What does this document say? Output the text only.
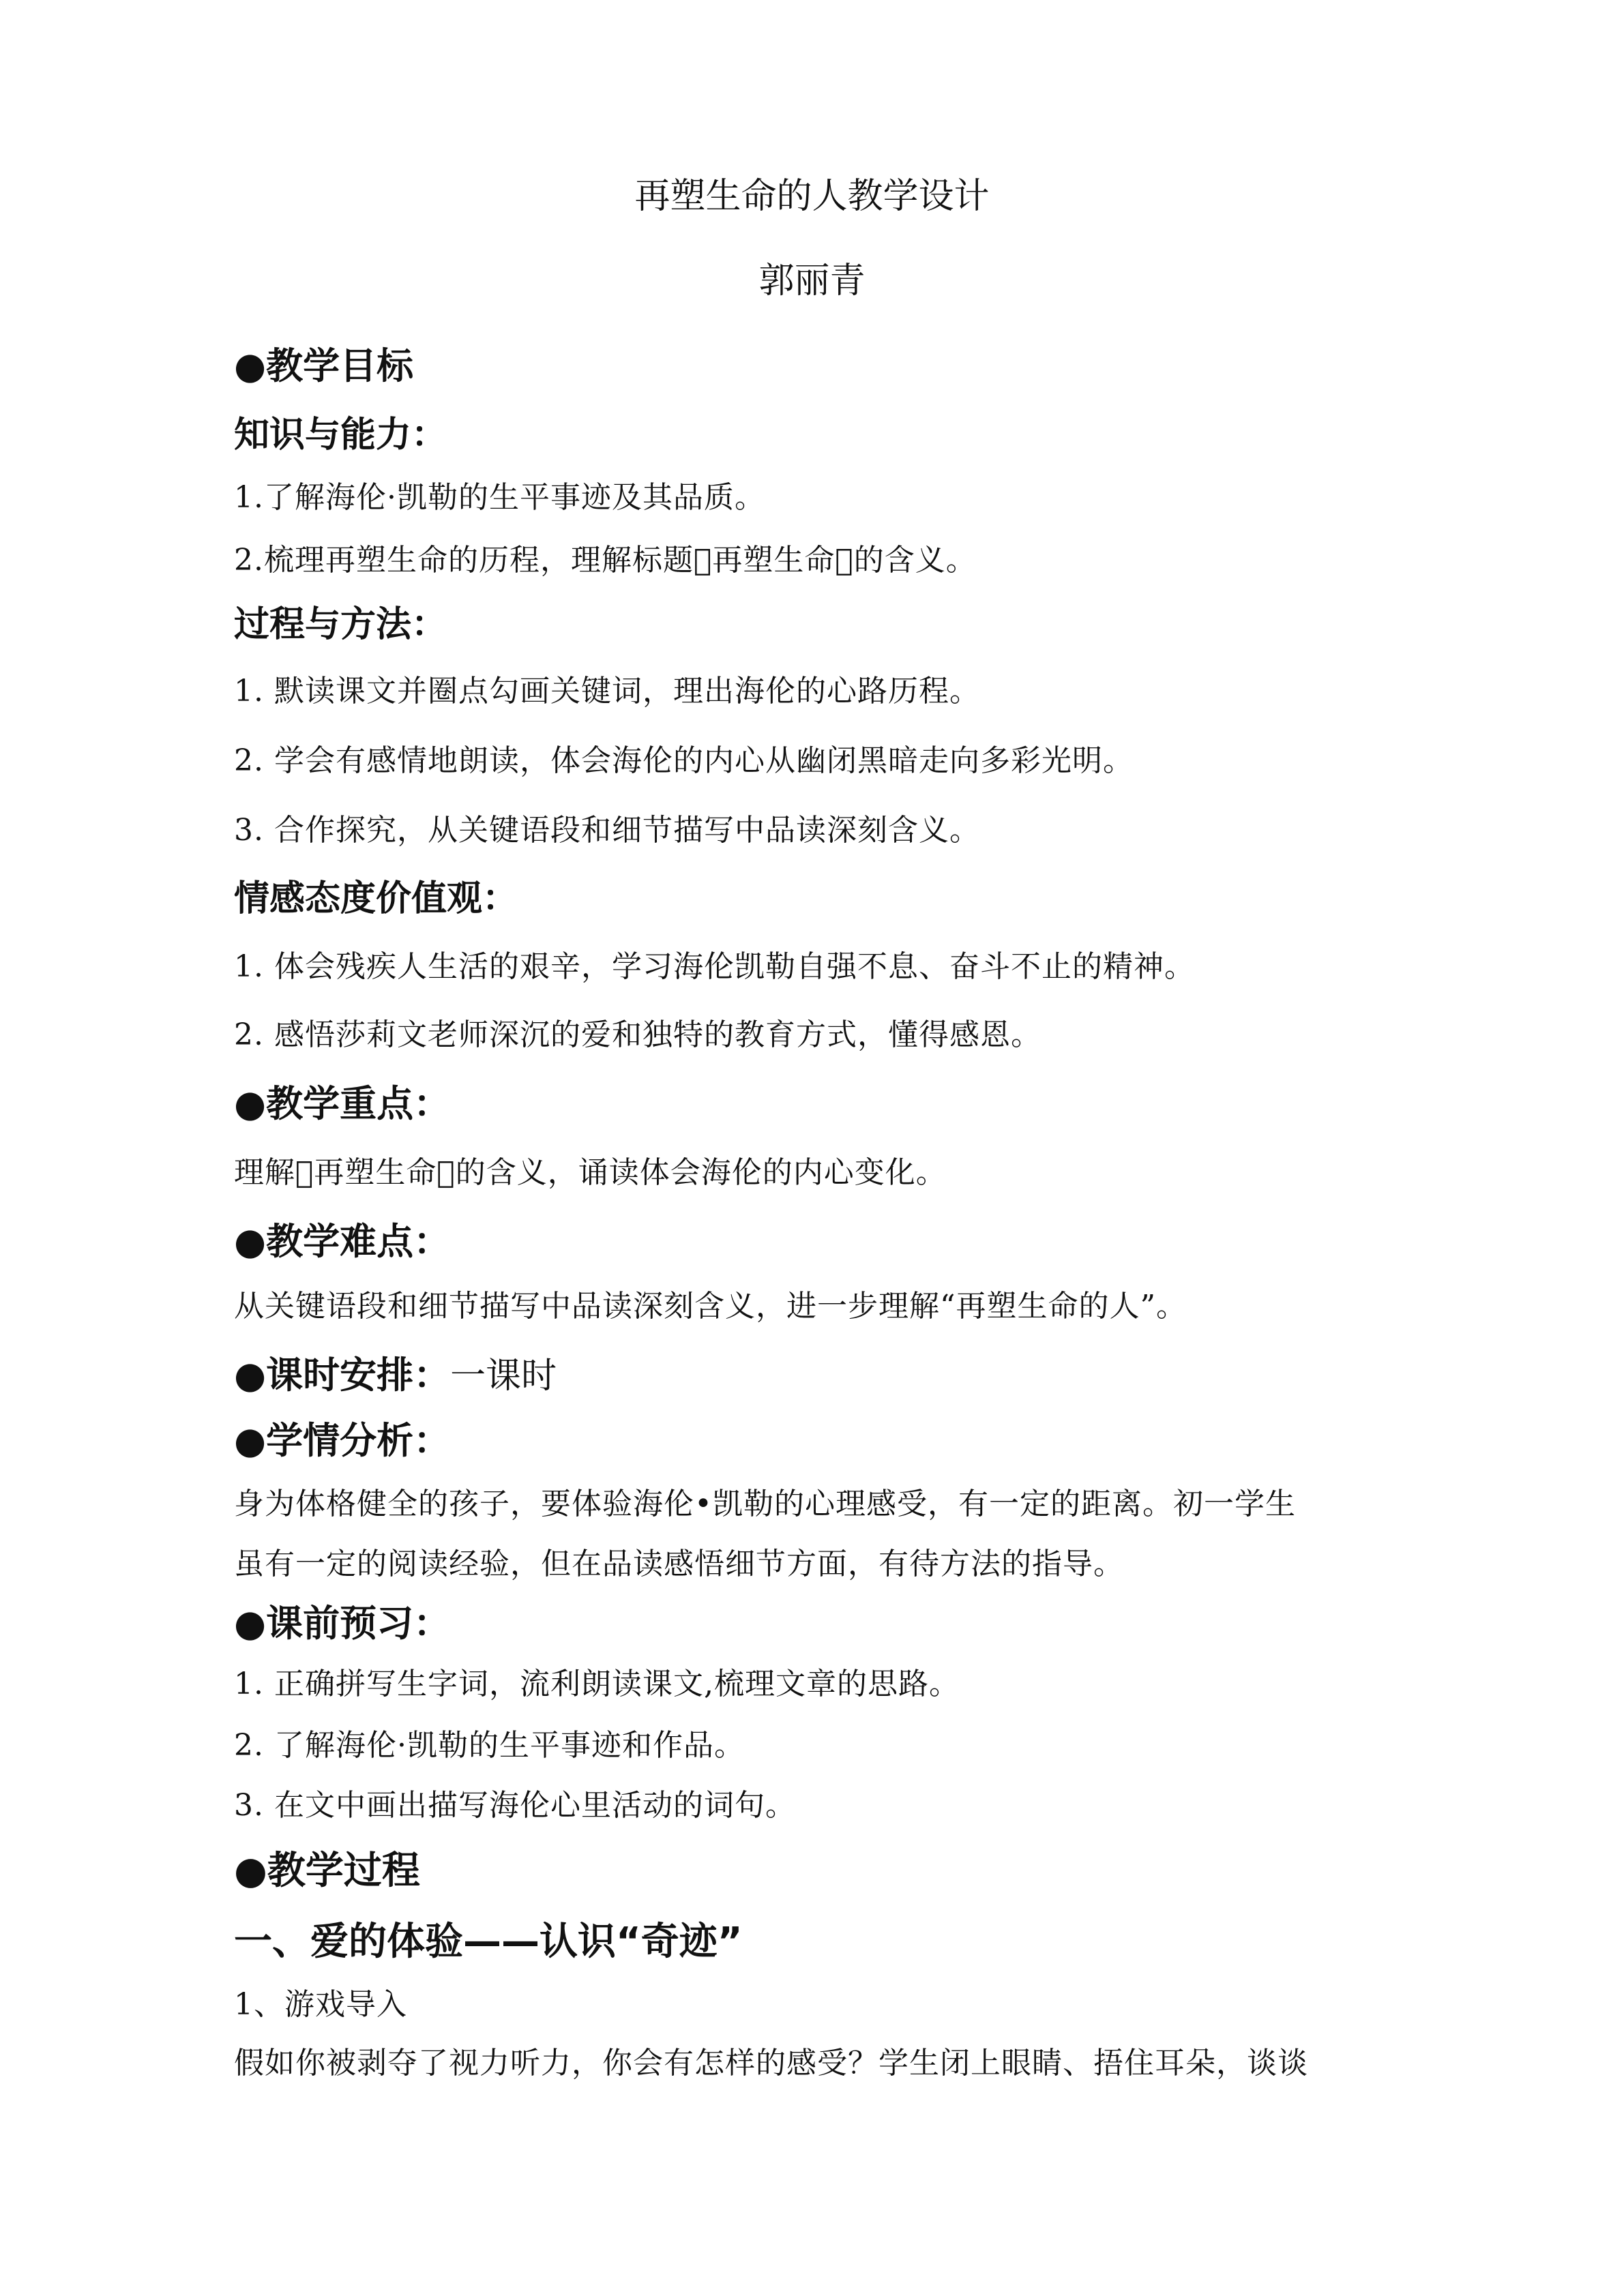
再塑生命的人教学设计
郭丽青
●教学目标
知识与能力：
1.了解海伦·凯勒的生平事迹及其品质。
2.梳理再塑生命的历程，理解标题 再塑生命 的含义。
过程与方法：
1. 默读课文并圈点勾画关键词，理出海伦的心路历程。
2. 学会有感情地朗读，体会海伦的内心从幽闭黑暗走向多彩光明。
3. 合作探究，从关键语段和细节描写中品读深刻含义。
情感态度价值观：
1. 体会残疾人生活的艰辛，学习海伦凯勒自强不息、奋斗不止的精神。
2. 感悟莎莉文老师深沉的爱和独特的教育方式，懂得感恩。
●教学重点：
理解 再塑生命 的含义，诵读体会海伦的内心变化。
●教学难点：
从关键语段和细节描写中品读深刻含义，进一步理解“再塑生命的人”。
●课时安排：一课时
●学情分析：
身为体格健全的孩子，要体验海伦•凯勒的心理感受，有一定的距离。初一学生
虽有一定的阅读经验，但在品读感悟细节方面，有待方法的指导。
●课前预习：
1. 正确拼写生字词，流利朗读课文,梳理文章的思路。
2. 了解海伦·凯勒的生平事迹和作品。
3. 在文中画出描写海伦心里活动的词句。
●教学过程
一、爱的体验——认识“奇迹”
1、游戏导入
假如你被剥夺了视力听力，你会有怎样的感受？学生闭上眼睛、捂住耳朵，谈谈
